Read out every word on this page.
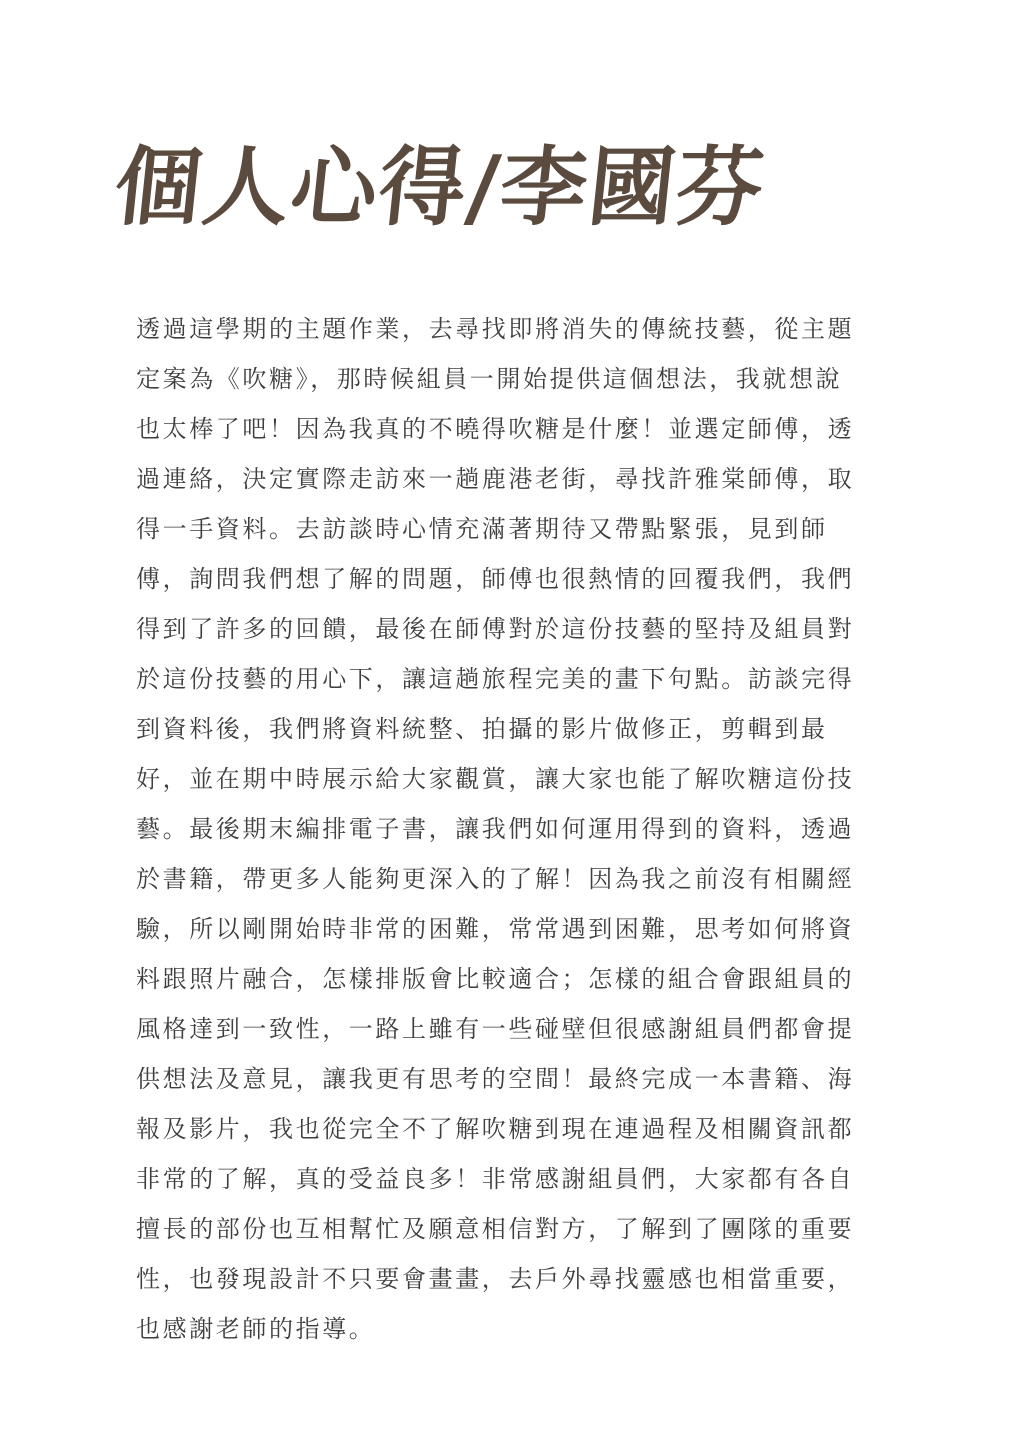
個人心得/李國芬
透過這學期的主題作業，去尋找即將消失的傳統技藝，從主題
定案為《吹糖》，那時候組員一開始提供這個想法，我就想說
也太棒了吧！因為我真的不曉得吹糖是什麼！並選定師傅，透
過連絡，決定實際走訪來一趟鹿港老街，尋找許雅棠師傅，取
得一手資料。去訪談時心情充滿著期待又帶點緊張，見到師
傅，詢問我們想了解的問題，師傅也很熱情的回覆我們，我們
得到了許多的回饋，最後在師傅對於這份技藝的堅持及組員對
於這份技藝的用心下，讓這趟旅程完美的畫下句點。訪談完得
到資料後，我們將資料統整、拍攝的影片做修正，剪輯到最
好，並在期中時展示給大家觀賞，讓大家也能了解吹糖這份技
藝。最後期末編排電子書，讓我們如何運用得到的資料，透過
於書籍，帶更多人能夠更深入的了解！因為我之前沒有相關經
驗，所以剛開始時非常的困難，常常遇到困難，思考如何將資
料跟照片融合，怎樣排版會比較適合；怎樣的組合會跟組員的
風格達到一致性，一路上雖有一些碰壁但很感謝組員們都會提
供想法及意見，讓我更有思考的空間！最終完成一本書籍、海
報及影片，我也從完全不了解吹糖到現在連過程及相關資訊都
非常的了解，真的受益良多！非常感謝組員們，大家都有各自
擅長的部份也互相幫忙及願意相信對方，了解到了團隊的重要
性，也發現設計不只要會畫畫，去戶外尋找靈感也相當重要，
也感謝老師的指導。
